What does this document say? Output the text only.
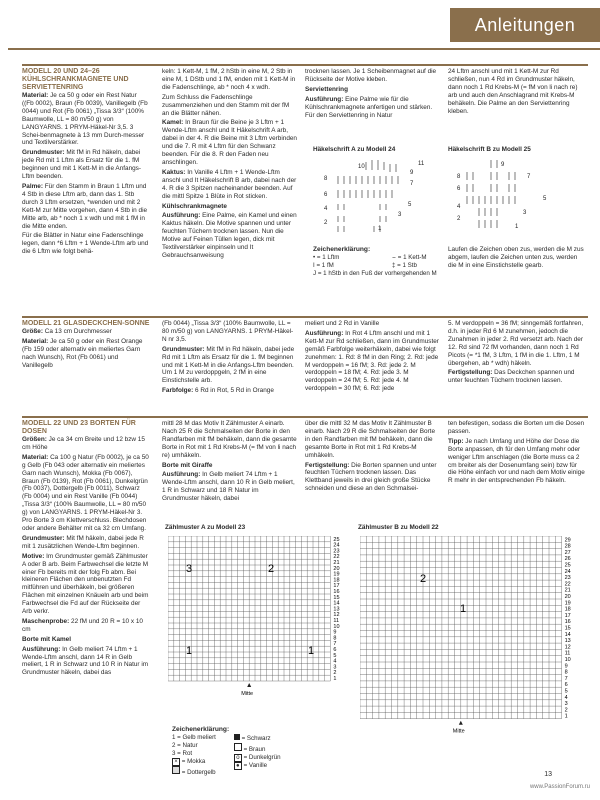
Anleitungen
MODELL 20 UND 24–26 KÜHLSCHRANKMAGNETE UND SERVIETTENRING

Material: Je ca 50 g oder ein Rest Natur ((Fb 0002), Braun (Fb 0039), Vanillegelb (Fb 0044) und Rot (Fb 0061) „Tissa 3/3“ (100% Baumwolle, LL = 80 m/50 g) von LANGYARNS. 1 PRYM-Häkel-Nr 3,5. 3 Schei-benmagnete à 13 mm Durch-messer und Textilverstärker.

Grundmuster: Mit fM in Rd häkeln, dabei jede Rd mit 1 Lftm als Ersatz für die 1. fM beginnen und mit 1 Kett-M in die Anfangs-Lftm beenden.

Palme: Für den Stamm in Braun 1 Lftm und 4 Stb in diese Lftm arb, dann das 1. Stb durch 3 Lftm ersetzen, *wenden und mit 2 Kett-M zur Mitte vorgehen, dann 4 Stb in die Mitte arb, ab * noch 1 x wdh und mit 1 fM in die Mitte enden.

Für die Blätter in Natur eine Fadenschlinge legen, dann *6 Lftm + 1 Wende-Lftm arb und die 6 Lftm wie folgt behä-

keln: 1 Kett-M, 1 fM, 2 hStb in eine M, 2 Stb in eine M, 1 DStb und 1 fM, enden mit 1 Kett-M in die Fadenschlinge, ab * noch 4 x wdh.

Zum Schluss die Fadenschlinge zusammenziehen und den Stamm mit der fM an die Blätter nähen.

Kamel: In Braun für die Beine je 3 Lftm + 1 Wende-Lftm anschl und It Häkelschrift A arb, dabei in der 4. R die Beine mit 3 Lftm verbinden und die 7. R mit 4 Lftm für den Schwanz beenden. Für die 8. R den Faden neu anschlingen.

Kaktus: In Vanille 4 Lftm + 1 Wende-Lftm anschl und It Häkelschrift B arb, dabei nach der 4. R die 3 Spitzen nacheinander beenden. Auf die mittl Spitze 1 Blüte in Rot sticken.

Kühlschrankmagnete

Ausführung: Eine Palme, ein Kamel und einen Kaktus häkeln. Die Motive spannen und unter feuchten Tüchern trocknen lassen. Nun die Motive auf Feinen Tüllen legen, dick mit Textilverstärker einpinseln und It Gebrauchsanweisung

trocknen lassen. Je 1 Scheibenmagnet auf die Rückseite der Motive kleben.

Serviettenring

Ausführung: Eine Palme wie für die Kühlschrankmagnete anfertigen und stärken. Für den Serviettenring in Natur

24 Lftm anschl und mit 1 Kett-M zur Rd schließen, nun 4 Rd im Grundmuster häkeln, dann noch 1 Rd Krebs-M (= fM von li nach re) arb und auch den Anschlagrand mit Krebs-M behäkeln. Die Palme an den Serviettenring kleben.

Häkelschrift A zu Modell 24	Häkelschrift B zu Modell 25
10	11
9
8
7
6
5
4
3
2
1
9
8	7
6
5
4
3
2
1
Zeichenerklärung:
• = 1 Lftm
I = 1 fM
J = 1 hStb in den Fuß der vorhergehenden M
⌢ = 1 Kett-M
‡ = 1 Stb
Laufen die Zeichen oben zus, werden die M zus abgem, laufen die Zeichen unten zus, werden die M in eine Einstichstelle gearb.
MODELL 21 GLASDECKCHEN-SONNE

Größe: Ca 13 cm Durchmesser

Material: Je ca 50 g oder ein Rest Orange (Fb 159 oder alternativ ein meliertes Garn nach Wunsch), Rot (Fb 0061) und Vanillegelb

(Fb 0044) „Tissa 3/3“ (100% Baumwolle, LL = 80 m/50 g) von LANGYARNS. 1 PRYM-Häkel-N nr 3,5.

Grundmuster: Mit fM in Rd häkeln, dabei jede Rd mit 1 Lftm als Ersatz für die 1. fM beginnen und mit 1 Kett-M in die Anfangs-Lftm beenden. Um 1 M zu verdoppgeln, 2 fM in eine Einstichstelle arb.

Farbfolge: 6 Rd in Rot, 5 Rd in Orange

meliert und 2 Rd in Vanille

Ausführung: In Rot 4 Lftm anschl und mit 1 Kett-M zur Rd schließen, dann im Grundmuster gemäß Farbfolge weiterhäkeln, dabei wie folgt zunehmen: 1. Rd: 8 fM in den Ring; 2. Rd: jede M verdoppeln = 16 fM; 3. Rd: jede 2. M verdoppeln = 18 fM; 4. Rd: jede 3. M verdoppeln = 24 fM; 5. Rd: jede 4. M verdoppeln = 30 fM; 6. Rd: jede

5. M verdoppeln = 36 fM; sinngemäß fortfahren, d.h. in jeder Rd 6 M zunehmen, jedoch die Zunahmen in jeder 2. Rd versetzt arb. Nach der 12. Rd sind 72 fM vorhanden, dann noch 1 Rd Picots (= *1 fM, 3 Lftm, 1 fM in die 1. Lftm, 1 M übergehen, ab * wdh) häkeln.

Fertigstellung: Das Deckchen spannen und unter feuchten Tüchern trocknen lassen.

MODELL 22 UND 23 BORTEN FÜR DOSEN

Größen: Je ca 34 cm Breite und 12 bzw 15 cm Höhe

Material: Ca 100 g Natur (Fb 0002), je ca 50 g Gelb (Fb 043 oder alternativ ein meliertes Garn nach Wunsch), Mokka (Fb 0067), Braun (Fb 0139), Rot (Fb 0061), Dunkelgrün (Fb 0037), Dottergelb (Fb 0011), Schwarz (Fb 0004) und ein Rest Vanille (Fb 0044) „Tissa 3/3“ (100% Baumwolle, LL = 80 m/50 g) von LANGYARNS. 1 PRYM-Häkel-Nr 3. Pro Borte 3 cm Klettverschluss. Blechdosen oder andere Behälter mit ca 32 cm Umfang.

Grundmuster: Mit fM häkeln, dabei jede R mit 1 zusätzlichen Wende-Lftm beginnen.

Motive: Im Grundmuster gemäß Zählmuster A oder B arb. Beim Farbwechsel die letzte M einer Fb bereits mit der folg Fb abm. Bei kleineren Flächen den unbenutzten Fd mitführen und überhäkeln, bei größeren Flächen mit einzelnen Knäueln arb und beim Farbwechsel die Fd auf der Rückseite der Arb verkr.

Maschenprobe: 22 fM und 20 R = 10 x 10 cm

Borte mit Kamel

Ausführung: In Gelb meliert 74 Lftm + 1 Wende-Lftm anschl, dann 14 R in Gelb meliert, 1 R in Schwarz und 10 R in Natur im Grundmuster häkeln, dabei das

mittl 28 M das Motiv It Zählmuster A einarb. Nach 25 R die Schmalseiten der Borte in den Randfarben mit fM behäkeln, dann die gesamte Borte in Rot mit 1 Rd Krebs-M (= fM von li nach re) umhäkeln.

Borte mit Giraffe

Ausführung: In Gelb meliert 74 Lftm + 1 Wende-Lftm anschl, dann 10 R in Gelb meliert, 1 R in Schwarz und 18 R Natur im Grundmuster häkeln, dabei

über die mittl 32 M das Motiv It Zählmuster B einarb. Nach 29 R die Schmalseiten der Borte in den Randfarben mit fM behäkeln, dann die gesamte Borte in Rot mit 1 Rd Krebs-M umhäkeln.

Fertigstellung: Die Borten spannen und unter feuchten Tüchern trocknen lassen. Das Klettband jeweils in drei gleich große Stücke schneiden und diese an den Schmalsei-

ten befestigen, sodass die Borten um die Dosen passen.

Tipp: Je nach Umfang und Höhe der Dose die Borte anpassen, dh für den Umfang mehr oder weniger Lftm anschlagen (die Borte muss ca 2 cm breiter als der Dosenumfang sein) bzw für die Höhe einfach vor und nach dem Motiv einige R mehr in der entsprechenden Fb häkeln.

Zählmuster A zu Modell 23	Zählmuster B zu Modell 22
25
24
23
22
21
20
19
18
17
16
15
14
13
12
11
10
9
8
7
6
5
4
3
2
1
3	2
1	1
Mitte
29
28
27
26
25
24
23
22
21
20
19
18
17
16
15
14
13
12
11
10
9
8
7
6
5
4
3
2
1
2
1
Mitte
Zeichenerklärung:
1 = Gelb meliert
2 = Natur
3 = Rot
× = Mokka
= Dottergelb
= Schwarz
= Braun
o = Dunkelgrün
● = Vanille
13
www.PassionForum.ru
